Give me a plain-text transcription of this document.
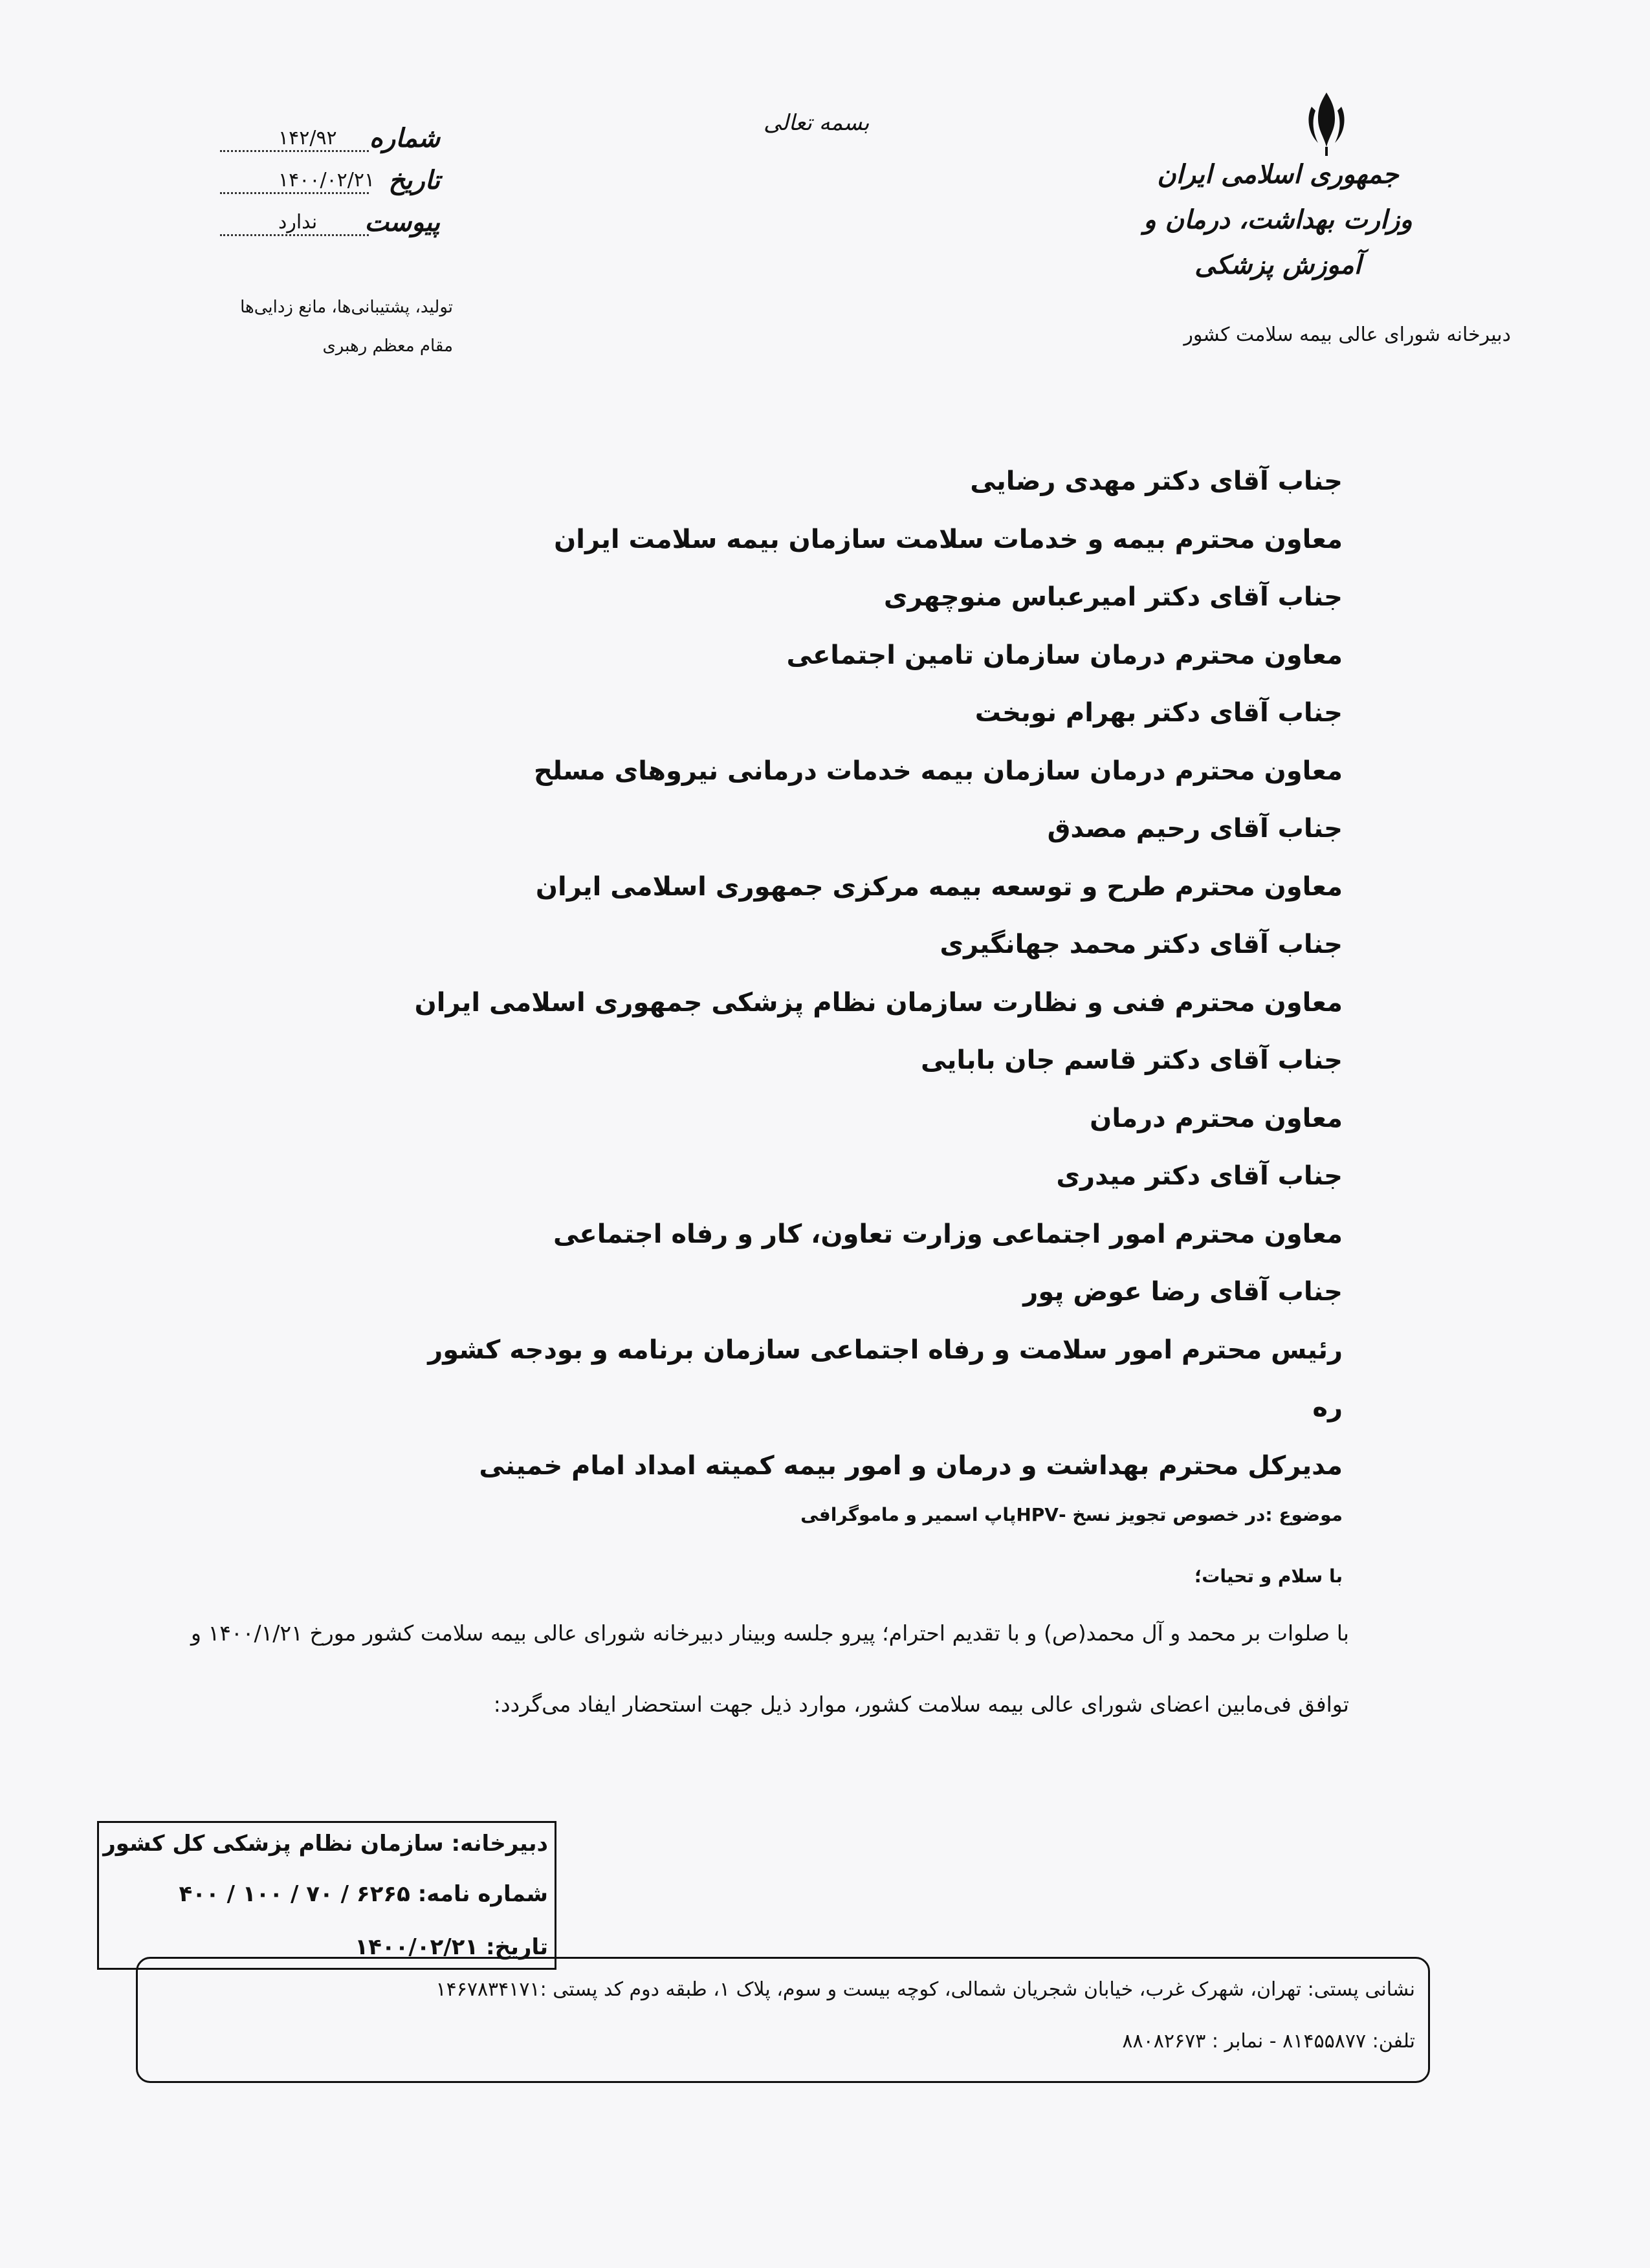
جمهوری اسلامی ایران
وزارت بهداشت، درمان و آموزش پزشکی
دبیرخانه شورای عالی بیمه سلامت کشور
بسمه تعالی
شماره
۱۴۲/۹۲
تاریخ
۱۴۰۰/۰۲/۲۱
پیوست
ندارد
تولید، پشتیبانی‌ها، مانع زدایی‌ها
مقام معظم رهبری
جناب آقای دکتر مهدی رضایی
معاون محترم بیمه و خدمات سلامت سازمان بیمه سلامت ایران
جناب آقای دکتر امیرعباس منوچهری
معاون محترم درمان سازمان تامین اجتماعی
جناب آقای دکتر بهرام نوبخت
معاون محترم درمان سازمان بیمه خدمات درمانی نیروهای مسلح
جناب آقای رحیم مصدق
معاون محترم طرح و توسعه بیمه مرکزی جمهوری اسلامی ایران
جناب آقای دکتر محمد جهانگیری
معاون محترم فنی و نظارت سازمان نظام پزشکی جمهوری اسلامی ایران
جناب آقای دکتر قاسم جان بابایی
معاون محترم درمان
جناب آقای دکتر میدری
معاون محترم امور اجتماعی وزارت تعاون، کار و رفاه اجتماعی
جناب آقای رضا عوض پور
رئیس محترم امور سلامت و رفاه اجتماعی سازمان برنامه و بودجه کشور
ره
مدیرکل محترم بهداشت و درمان و امور بیمه کمیته امداد امام خمینی
موضوع :در خصوص تجویز نسخ -HPVپاپ اسمیر و ماموگرافی
با سلام و تحیات؛
با صلوات بر محمد و آل محمد(ص) و با تقدیم احترام؛ پیرو جلسه وبینار دبیرخانه شورای عالی بیمه سلامت کشور مورخ ۱۴۰۰/۱/۲۱ و توافق فی‌مابین اعضای شورای عالی بیمه سلامت کشور، موارد ذیل جهت استحضار ایفاد می‌گردد:
دبیرخانه: سازمان نظام پزشکی کل کشور
شماره نامه: ۶۲۶۵ / ۷۰ / ۱۰۰ / ۴۰۰
تاریخ: ۱۴۰۰/۰۲/۲۱
نشانی پستی: تهران، شهرک غرب، خیابان شجریان شمالی، کوچه بیست و سوم، پلاک ۱، طبقه دوم کد پستی :۱۴۶۷۸۳۴۱۷۱
تلفن: ۸۱۴۵۵۸۷۷ - نمابر : ۸۸۰۸۲۶۷۳
